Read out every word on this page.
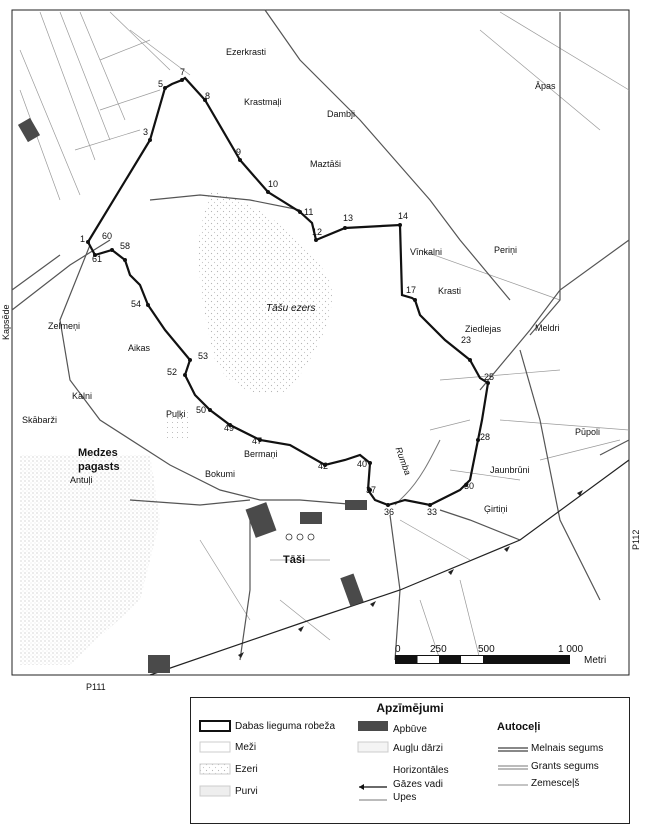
Ezerkrasti
Āpas
Krastmaļi
Dambji
Maztāši
Vīnkalni	Periņi
Krasti
Meldri
Ziedlejas
Zelmeņi
Aikas
Kalni
Skābarži
Puļķi
Bermaņi
Pūpoli
Jaunbrūni
Ģirtiņi
Antuļi
Bokumi
Tāšu ezers
Rumba
Medzes
pagasts
Tāši
Kapsēde
P112
P111
1
3
5
7
8
9
10
11
12
13	14
17
23
25
28
30
33
36
37
40
42
47
49
50
52
53
54
58
60
61
0	250	500	1 000
Metri
Apzīmējumi
Dabas lieguma robeža
Meži
Ezeri
Purvi
Apbūve
Augļu dārzi
Horizontāles
Gāzes vadi
Upes
Autoceļi
Melnais segums
Grants segums
Zemesceļš
